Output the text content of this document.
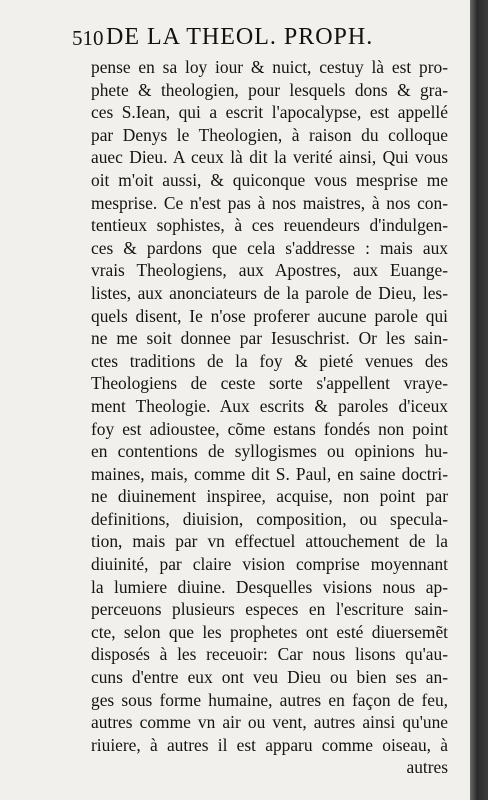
510 DE LA THEOL. PROPH.
pense en sa loy iour & nuict, cestuy là est pro-
phete & theologien, pour lesquels dons & gra-
ces S.Iean, qui a escrit l'apocalypse, est appellé
par Denys le Theologien, à raison du colloque
auec Dieu. A ceux là dit la verité ainsi, Qui vous
oit m'oit aussi, & quiconque vous mesprise me
mesprise. Ce n'est pas à nos maistres, à nos con-
tentieux sophistes, à ces reuendeurs d'indulgen-
ces & pardons que cela s'addresse : mais aux
vrais Theologiens, aux Apostres, aux Euange-
listes, aux anonciateurs de la parole de Dieu, les-
quels disent, Ie n'ose proferer aucune parole qui
ne me soit donnee par Iesuschrist. Or les sain-
ctes traditions de la foy & pieté venues des
Theologiens de ceste sorte s'appellent vraye-
ment Theologie. Aux escrits & paroles d'iceux
foy est adioustee, cõme estans fondés non point
en contentions de syllogismes ou opinions hu-
maines, mais, comme dit S. Paul, en saine doctri-
ne diuinement inspiree, acquise, non point par
definitions, diuision, composition, ou specula-
tion, mais par vn effectuel attouchement de la
diuinité, par claire vision comprise moyennant
la lumiere diuine. Desquelles visions nous ap-
perceuons plusieurs especes en l'escriture sain-
cte, selon que les prophetes ont esté diuersemẽt
disposés à les receuoir: Car nous lisons qu'au-
cuns d'entre eux ont veu Dieu ou bien ses an-
ges sous forme humaine, autres en façon de feu,
autres comme vn air ou vent, autres ainsi qu'une
riuiere, à autres il est apparu comme oiseau, à
autres
